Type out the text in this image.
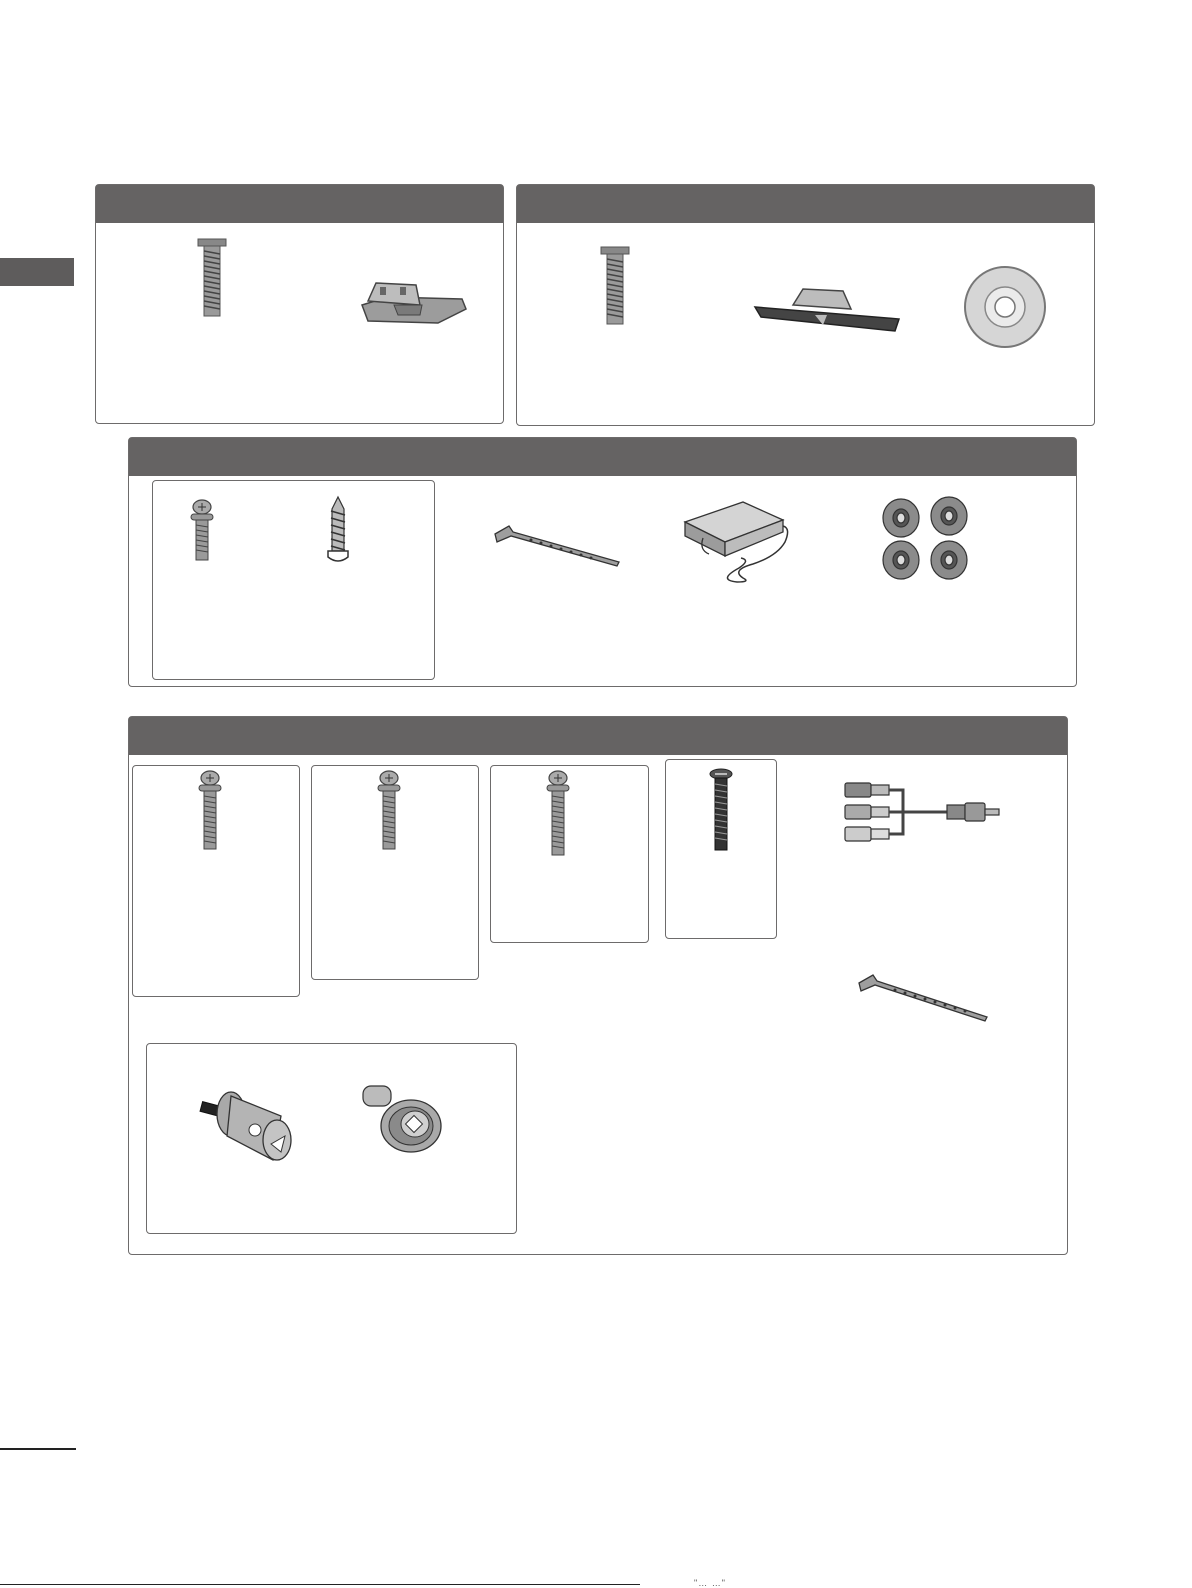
"… …"
